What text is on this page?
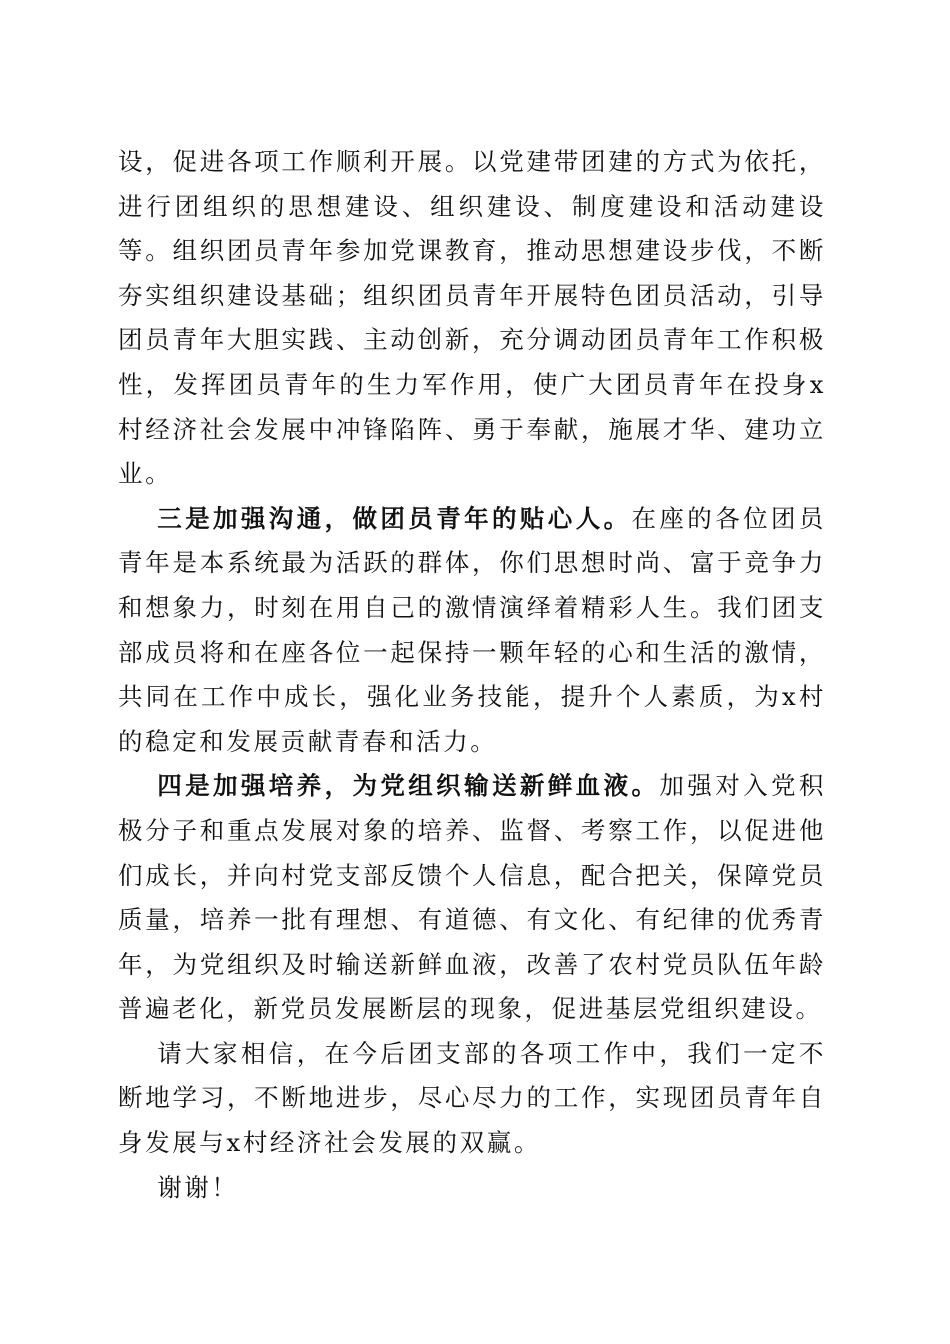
设，促进各项工作顺利开展。以党建带团建的方式为依托，进行团组织的思想建设、组织建设、制度建设和活动建设等。组织团员青年参加党课教育，推动思想建设步伐，不断夯实组织建设基础；组织团员青年开展特色团员活动，引导团员青年大胆实践、主动创新，充分调动团员青年工作积极性，发挥团员青年的生力军作用，使广大团员青年在投身x村经济社会发展中冲锋陷阵、勇于奉献，施展才华、建功立业。

三是加强沟通，做团员青年的贴心人。在座的各位团员青年是本系统最为活跃的群体，你们思想时尚、富于竞争力和想象力，时刻在用自己的激情演绎着精彩人生。我们团支部成员将和在座各位一起保持一颗年轻的心和生活的激情，共同在工作中成长，强化业务技能，提升个人素质，为x村的稳定和发展贡献青春和活力。

四是加强培养，为党组织输送新鲜血液。加强对入党积极分子和重点发展对象的培养、监督、考察工作，以促进他们成长，并向村党支部反馈个人信息，配合把关，保障党员质量，培养一批有理想、有道德、有文化、有纪律的优秀青年，为党组织及时输送新鲜血液，改善了农村党员队伍年龄普遍老化，新党员发展断层的现象，促进基层党组织建设。

请大家相信，在今后团支部的各项工作中，我们一定不断地学习，不断地进步，尽心尽力的工作，实现团员青年自身发展与x村经济社会发展的双赢。

谢谢！
